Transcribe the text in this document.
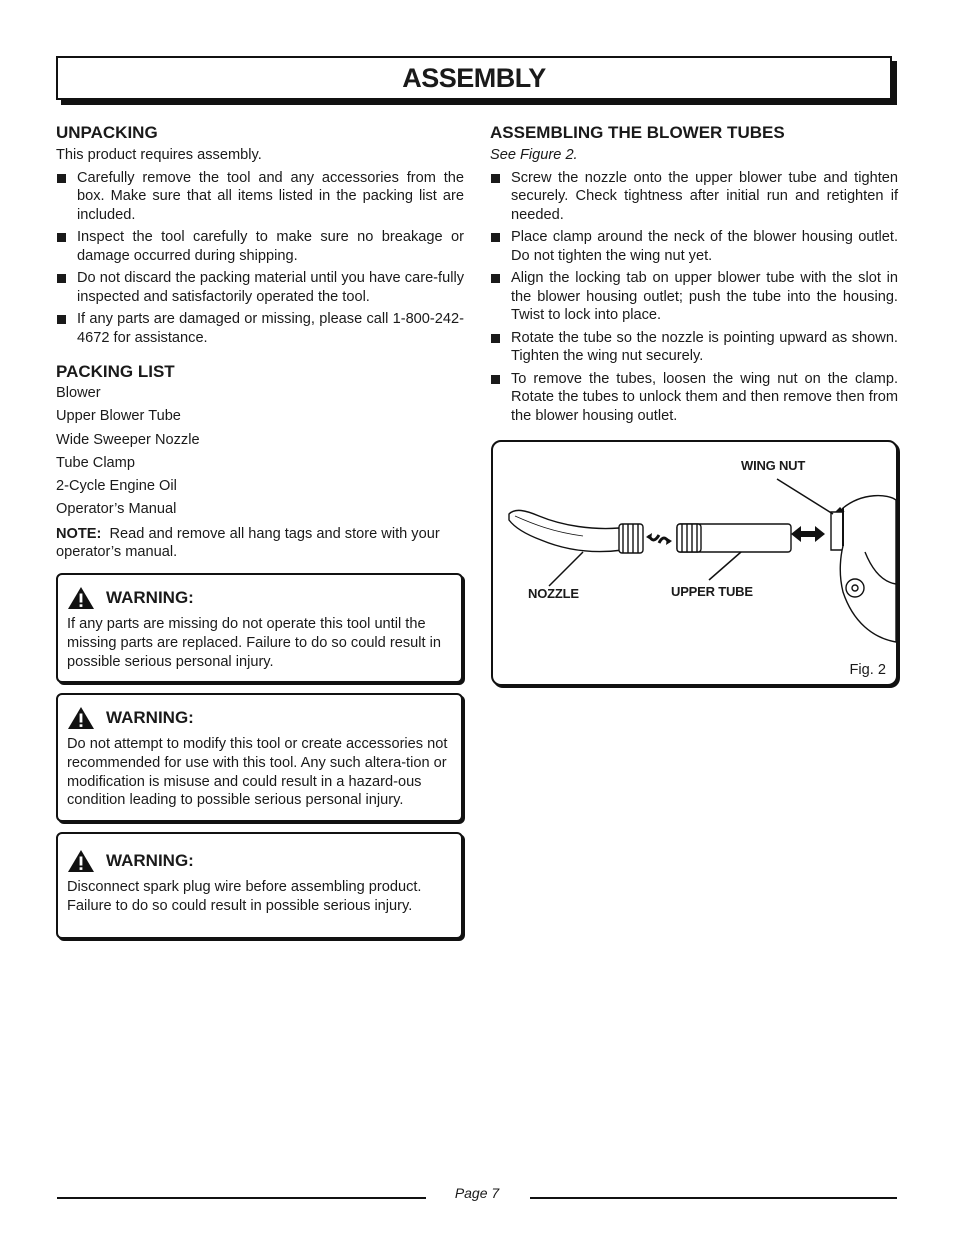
ASSEMBLY
UNPACKING

This product requires assembly.

Carefully remove the tool and any accessories from the box. Make sure that all items listed in the packing list are included.
Inspect the tool carefully to make sure no breakage or damage occurred during shipping.
Do not discard the packing material until you have care-fully inspected and satisfactorily operated the tool.
If any parts are damaged or missing, please call 1-800-242-4672 for assistance.
PACKING LIST
Blower
Upper Blower Tube
Wide Sweeper Nozzle
Tube Clamp
2-Cycle Engine Oil
Operator’s Manual

NOTE: Read and remove all hang tags and store with your operator’s manual.

WARNING:

If any parts are missing do not operate this tool until the missing parts are replaced. Failure to do so could result in possible serious personal injury.

WARNING:

Do not attempt to modify this tool or create accessories not recommended for use with this tool. Any such altera-tion or modification is misuse and could result in a hazard-ous condition leading to possible serious personal injury.

WARNING:

Disconnect spark plug wire before assembling product. Failure to do so could result in possible serious injury.

ASSEMBLING THE BLOWER TUBES

See Figure 2.

Screw the nozzle onto the upper blower tube and tighten securely. Check tightness after initial run and retighten if needed.
Place clamp around the neck of the blower housing outlet. Do not tighten the wing nut yet.
Align the locking tab on upper blower tube with the slot in the blower housing outlet; push the tube into the housing. Twist to lock into place.
Rotate the tube so the nozzle is pointing upward as shown. Tighten the wing nut securely.
To remove the tubes, loosen the wing nut on the clamp. Rotate the tubes to unlock them and then remove then from the blower housing outlet.
WING NUT
NOZZLE	UPPER TUBE
Fig. 2
Page 7
